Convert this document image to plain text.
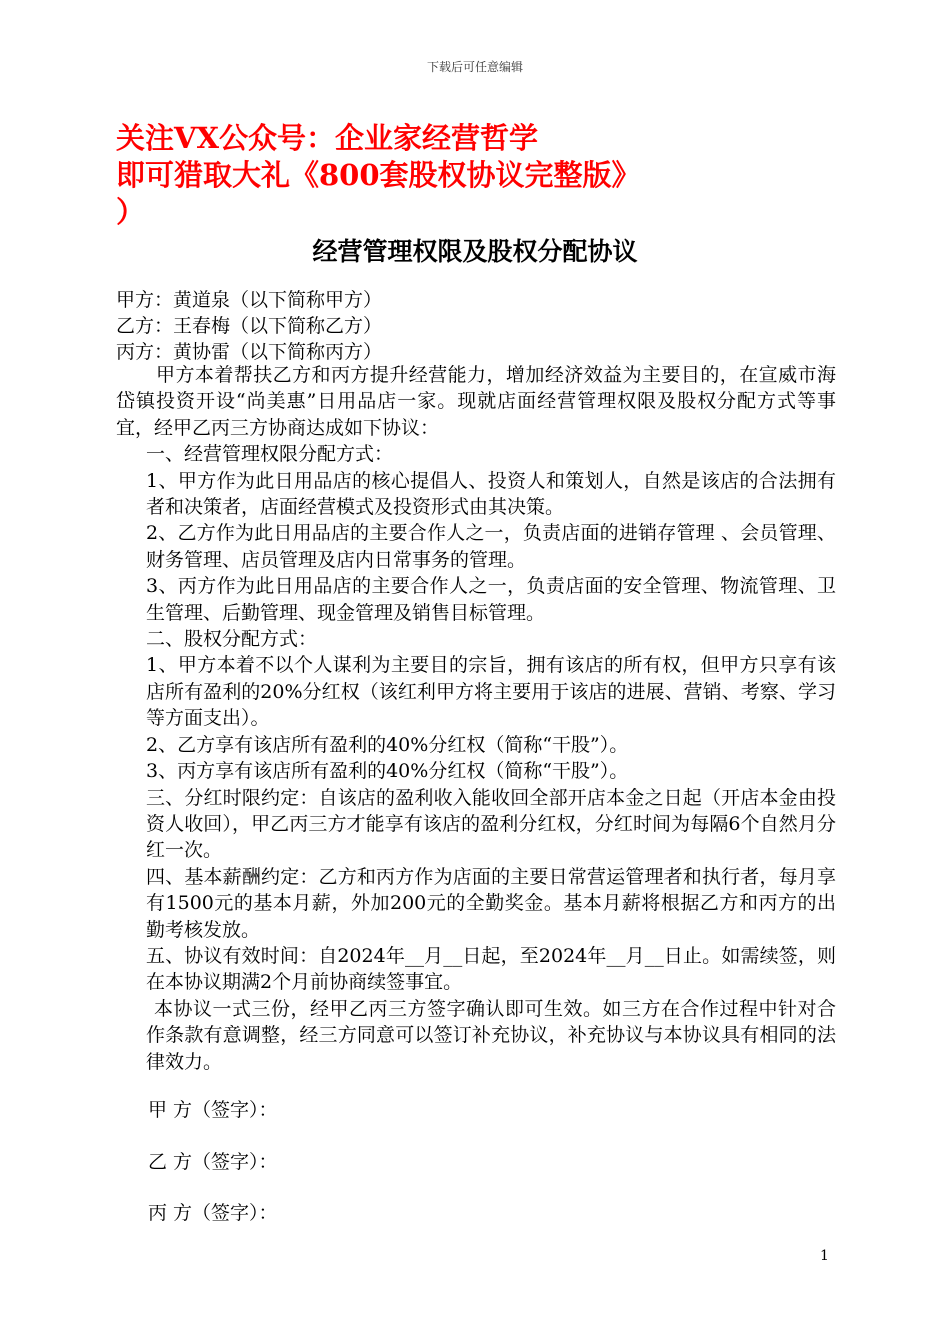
下载后可任意编辑
关注VX公众号：企业家经营哲学
即可猎取大礼《800套股权协议完整版》
）
经营管理权限及股权分配协议
甲方：黄道泉（以下简称甲方）
乙方：王春梅（以下简称乙方）
丙方：黄协雷（以下简称丙方）

甲方本着帮扶乙方和丙方提升经营能力，增加经济效益为主要目的，在宣威市海岱镇投资开设“尚美惠”日用品店一家。现就店面经营管理权限及股权分配方式等事宜，经甲乙丙三方协商达成如下协议：

一、经营管理权限分配方式：

1、甲方作为此日用品店的核心提倡人、投资人和策划人，自然是该店的合法拥有者和决策者，店面经营模式及投资形式由其决策。

2、乙方作为此日用品店的主要合作人之一，负责店面的进销存管理 、会员管理、财务管理、店员管理及店内日常事务的管理。

3、丙方作为此日用品店的主要合作人之一，负责店面的安全管理、物流管理、卫生管理、后勤管理、现金管理及销售目标管理。

二、股权分配方式：

1、甲方本着不以个人谋利为主要目的宗旨，拥有该店的所有权，但甲方只享有该店所有盈利的20%分红权（该红利甲方将主要用于该店的进展、营销、考察、学习等方面支出）。

2、乙方享有该店所有盈利的40%分红权（简称“干股”）。

3、丙方享有该店所有盈利的40%分红权（简称“干股”）。

三、分红时限约定：自该店的盈利收入能收回全部开店本金之日起（开店本金由投资人收回），甲乙丙三方才能享有该店的盈利分红权，分红时间为每隔6个自然月分红一次。

四、基本薪酬约定：乙方和丙方作为店面的主要日常营运管理者和执行者，每月享有1500元的基本月薪，外加200元的全勤奖金。基本月薪将根据乙方和丙方的出勤考核发放。

五、协议有效时间：自2024年__月__日起，至2024年__月__日止。如需续签，则在本协议期满2个月前协商续签事宜。

本协议一式三份，经甲乙丙三方签字确认即可生效。如三方在合作过程中针对合作条款有意调整，经三方同意可以签订补充协议，补充协议与本协议具有相同的法律效力。

甲 方（签字）：
乙 方（签字）：
丙 方（签字）：
1
